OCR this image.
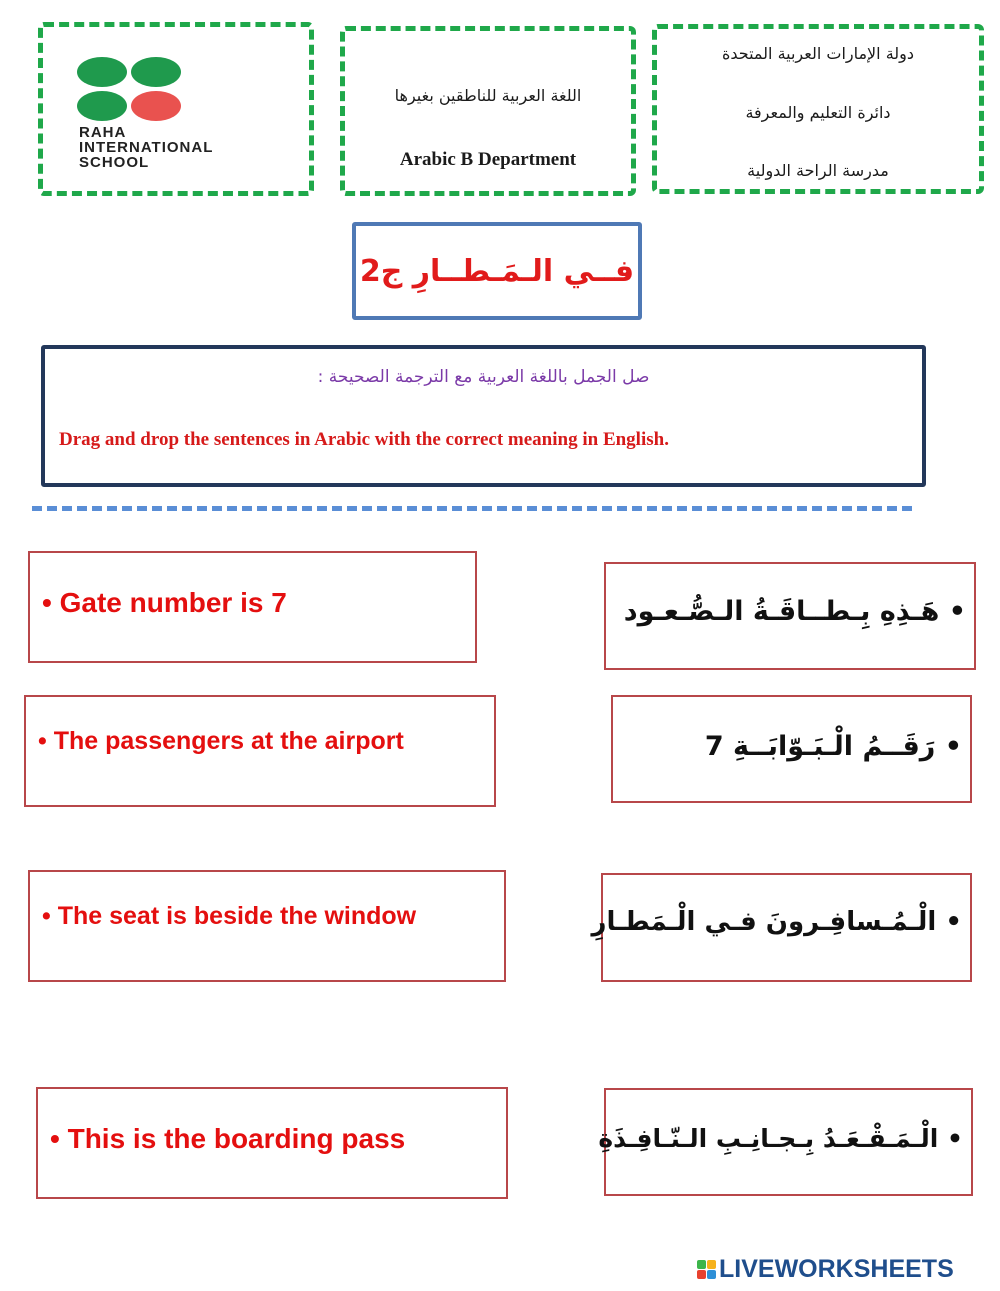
RAHA
INTERNATIONAL
SCHOOL
اللغة العربية للناطقين بغيرها
Arabic B Department
دولة الإمارات العربية المتحدة
دائرة التعليم والمعرفة
مدرسة الراحة الدولية
فــي الـمَـطــارِ ج2
صل الجمل باللغة العربية مع الترجمة الصحيحة :
Drag and drop the sentences in Arabic with the correct meaning in English.
• Gate number is 7
• The passengers at the airport
• The seat is beside the window
• This is the boarding pass
• هَـذِهِ بِـطــاقَـةُ الـصُّـعـود
• رَقَــمُ الْـبَـوّابَــةِ 7
• الْـمُـسافِـرونَ فـي الْـمَطـارِ
• الْـمَـقْـعَـدُ بِـجـانِـبِ الـنّـافِـذَةِ
LIVEWORKSHEETS
